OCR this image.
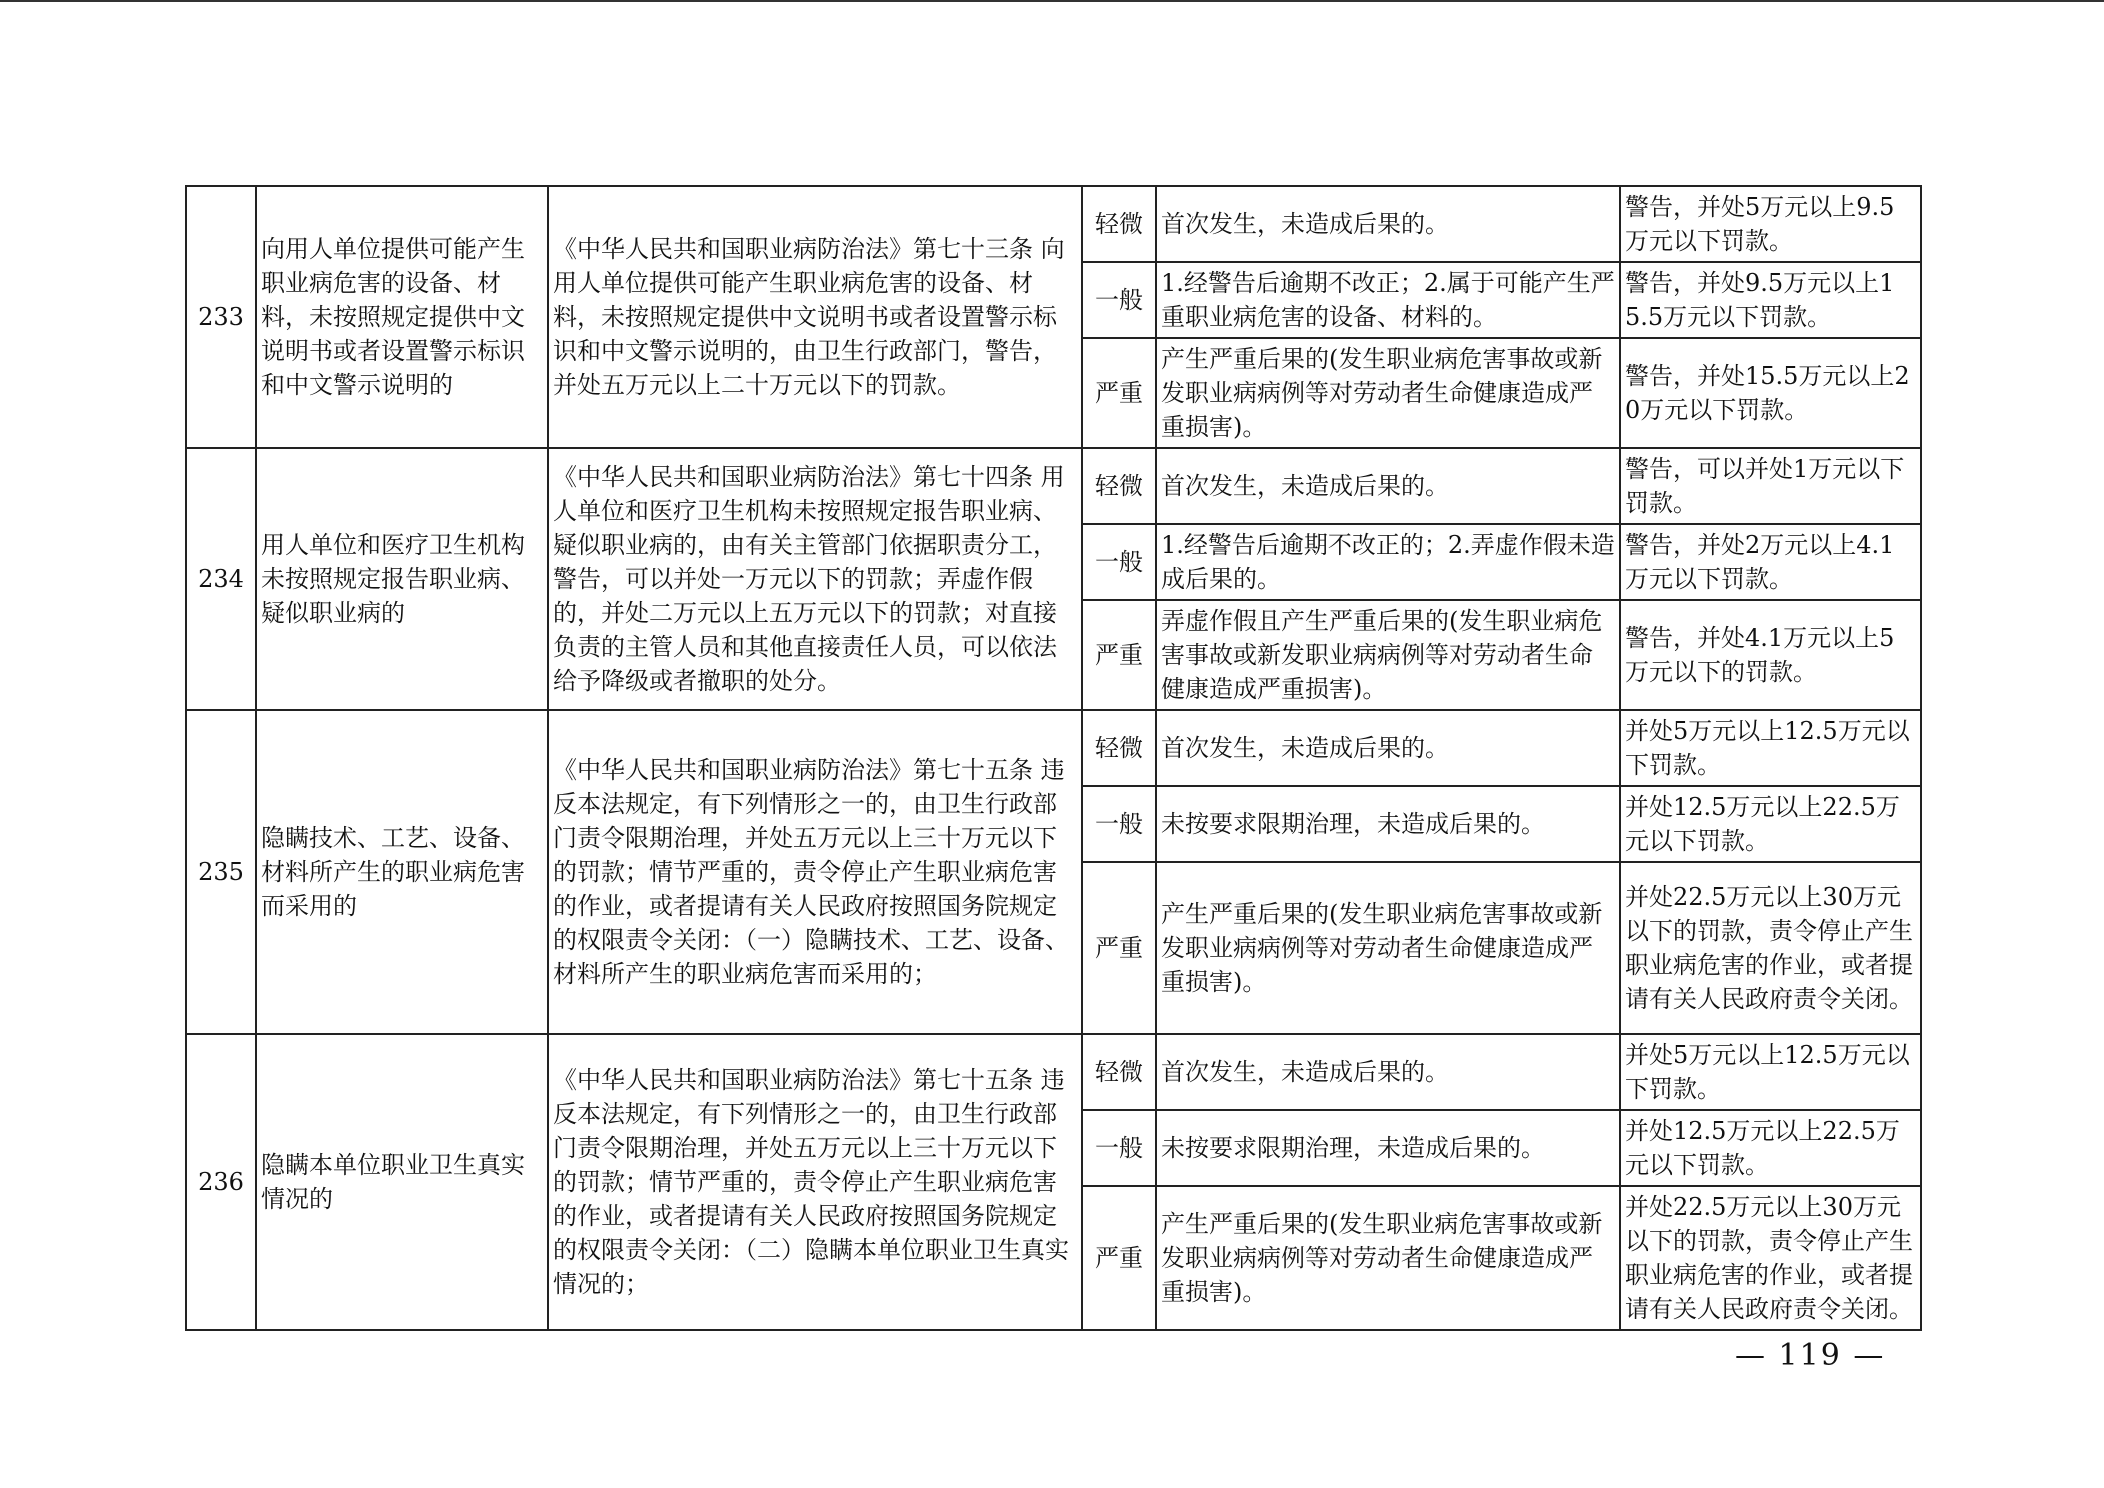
233	向用人单位提供可能产生职业病危害的设备、材料，未按照规定提供中文说明书或者设置警示标识和中文警示说明的	《中华人民共和国职业病防治法》第七十三条 向用人单位提供可能产生职业病危害的设备、材料，未按照规定提供中文说明书或者设置警示标识和中文警示说明的，由卫生行政部门，警告，并处五万元以上二十万元以下的罚款。	轻微	首次发生，未造成后果的。	警告，并处5万元以上9.5万元以下罚款。
			一般	1.经警告后逾期不改正；2.属于可能产生严重职业病危害的设备、材料的。	警告，并处9.5万元以上15.5万元以下罚款。
			严重	产生严重后果的(发生职业病危害事故或新发职业病病例等对劳动者生命健康造成严重损害)。	警告，并处15.5万元以上20万元以下罚款。
234	用人单位和医疗卫生机构未按照规定报告职业病、疑似职业病的	《中华人民共和国职业病防治法》第七十四条 用人单位和医疗卫生机构未按照规定报告职业病、疑似职业病的，由有关主管部门依据职责分工，警告，可以并处一万元以下的罚款；弄虚作假的，并处二万元以上五万元以下的罚款；对直接负责的主管人员和其他直接责任人员，可以依法给予降级或者撤职的处分。	轻微	首次发生，未造成后果的。	警告，可以并处1万元以下罚款。
			一般	1.经警告后逾期不改正的；2.弄虚作假未造成后果的。	警告，并处2万元以上4.1万元以下罚款。
			严重	弄虚作假且产生严重后果的(发生职业病危害事故或新发职业病病例等对劳动者生命健康造成严重损害)。	警告，并处4.1万元以上5万元以下的罚款。
235	隐瞒技术、工艺、设备、材料所产生的职业病危害而采用的	《中华人民共和国职业病防治法》第七十五条 违反本法规定，有下列情形之一的，由卫生行政部门责令限期治理，并处五万元以上三十万元以下的罚款；情节严重的，责令停止产生职业病危害的作业，或者提请有关人民政府按照国务院规定的权限责令关闭：（一）隐瞒技术、工艺、设备、材料所产生的职业病危害而采用的；	轻微	首次发生，未造成后果的。	并处5万元以上12.5万元以下罚款。
			一般	未按要求限期治理，未造成后果的。	并处12.5万元以上22.5万元以下罚款。
			严重	产生严重后果的(发生职业病危害事故或新发职业病病例等对劳动者生命健康造成严重损害)。	并处22.5万元以上30万元以下的罚款，责令停止产生职业病危害的作业，或者提请有关人民政府责令关闭。
236	隐瞒本单位职业卫生真实情况的	《中华人民共和国职业病防治法》第七十五条 违反本法规定，有下列情形之一的，由卫生行政部门责令限期治理，并处五万元以上三十万元以下的罚款；情节严重的，责令停止产生职业病危害的作业，或者提请有关人民政府按照国务院规定的权限责令关闭：（二）隐瞒本单位职业卫生真实情况的；	轻微	首次发生，未造成后果的。	并处5万元以上12.5万元以下罚款。
			一般	未按要求限期治理，未造成后果的。	并处12.5万元以上22.5万元以下罚款。
			严重	产生严重后果的(发生职业病危害事故或新发职业病病例等对劳动者生命健康造成严重损害)。	并处22.5万元以上30万元以下的罚款，责令停止产生职业病危害的作业，或者提请有关人民政府责令关闭。
— 119 —
